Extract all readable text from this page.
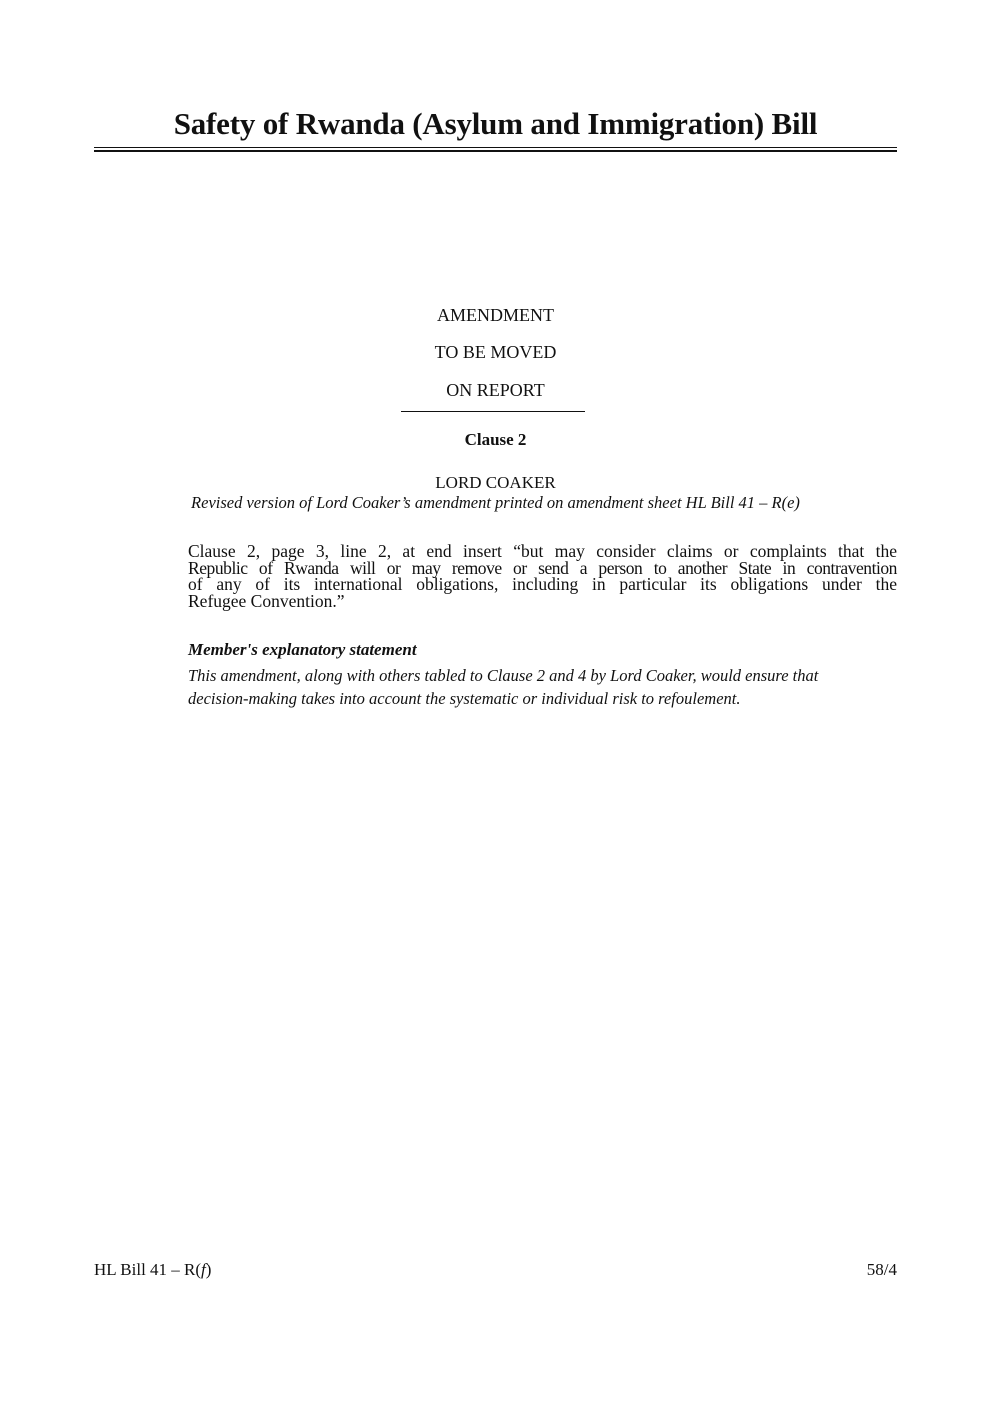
Safety of Rwanda (Asylum and Immigration) Bill
AMENDMENT
TO BE MOVED
ON REPORT
Clause 2
LORD COAKER
Revised version of Lord Coaker’s amendment printed on amendment sheet HL Bill 41 – R(e)
Clause 2, page 3, line 2, at end insert “but may consider claims or complaints that the
Republic of Rwanda will or may remove or send a person to another State in contravention
of any of its international obligations, including in particular its obligations under the
Refugee Convention.”
Member's explanatory statement
This amendment, along with others tabled to Clause 2 and 4 by Lord Coaker, would ensure that
decision-making takes into account the systematic or individual risk to refoulement.
HL Bill 41 – R(f)	58/4
